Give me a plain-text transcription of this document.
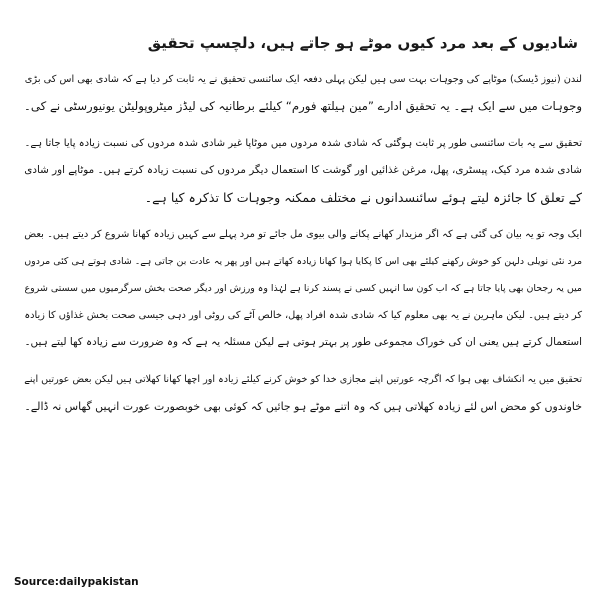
شادیوں کے بعد مرد کیوں موٹے ہو جاتے ہیں، دلچسپ تحقیق

لندن (نیوز ڈیسک) موٹاپے کی وجوہات بہت سی ہیں لیکن پہلی دفعہ ایک سائنسی تحقیق نے یہ ثابت کر دیا ہے کہ شادی بھی اس کی بڑی
وجوہات میں سے ایک ہے۔ یہ تحقیق ادارے ”مین ہیلتھ فورم“ کیلئے برطانیہ کی لیڈز میٹروپولیٹن یونیورسٹی نے کی۔

تحقیق سے یہ بات سائنسی طور پر ثابت ہوگئی کہ شادی شدہ مردوں میں موٹاپا غیر شادی شدہ مردوں کی نسبت زیادہ پایا جاتا ہے۔
شادی شدہ مرد کیک، پیسٹری، پھل، مرغن غذائیں اور گوشت کا استعمال دیگر مردوں کی نسبت زیادہ کرتے ہیں۔ موٹاپے اور شادی
کے تعلق کا جائزہ لیتے ہوئے سائنسدانوں نے مختلف ممکنہ وجوہات کا تذکرہ کیا ہے۔

ایک وجہ تو یہ بیان کی گئی ہے کہ اگر مزیدار کھانے پکانے والی بیوی مل جائے تو مرد پہلے سے کہیں زیادہ کھانا شروع کر دیتے ہیں۔ بعض
مرد نئی نویلی دلہن کو خوش رکھنے کیلئے بھی اس کا پکایا ہوا کھانا زیادہ کھاتے ہیں اور پھر یہ عادت بن جاتی ہے۔ شادی ہوتے ہی کئی مردوں
میں یہ رجحان بھی پایا جاتا ہے کہ اب کون سا انہیں کسی نے پسند کرنا ہے لہٰذا وہ ورزش اور دیگر صحت بخش سرگرمیوں میں سستی شروع
کر دیتے ہیں۔ لیکن ماہرین نے یہ بھی معلوم کیا کہ شادی شدہ افراد پھل، خالص آٹے کی روٹی اور دہی جیسی صحت بخش غذاؤں کا زیادہ
استعمال کرتے ہیں یعنی ان کی خوراک مجموعی طور پر بہتر ہوتی ہے لیکن مسئلہ یہ ہے کہ وہ ضرورت سے زیادہ کھا لیتے ہیں۔

تحقیق میں یہ انکشاف بھی ہوا کہ اگرچہ عورتیں اپنے مجازی خدا کو خوش کرنے کیلئے زیادہ اور اچھا کھانا کھلاتی ہیں لیکن بعض عورتیں اپنے
خاوندوں کو محض اس لئے زیادہ کھلاتی ہیں کہ وہ اتنے موٹے ہو جائیں کہ کوئی بھی خوبصورت عورت انہیں گھاس نہ ڈالے۔

Source:dailypakistan
